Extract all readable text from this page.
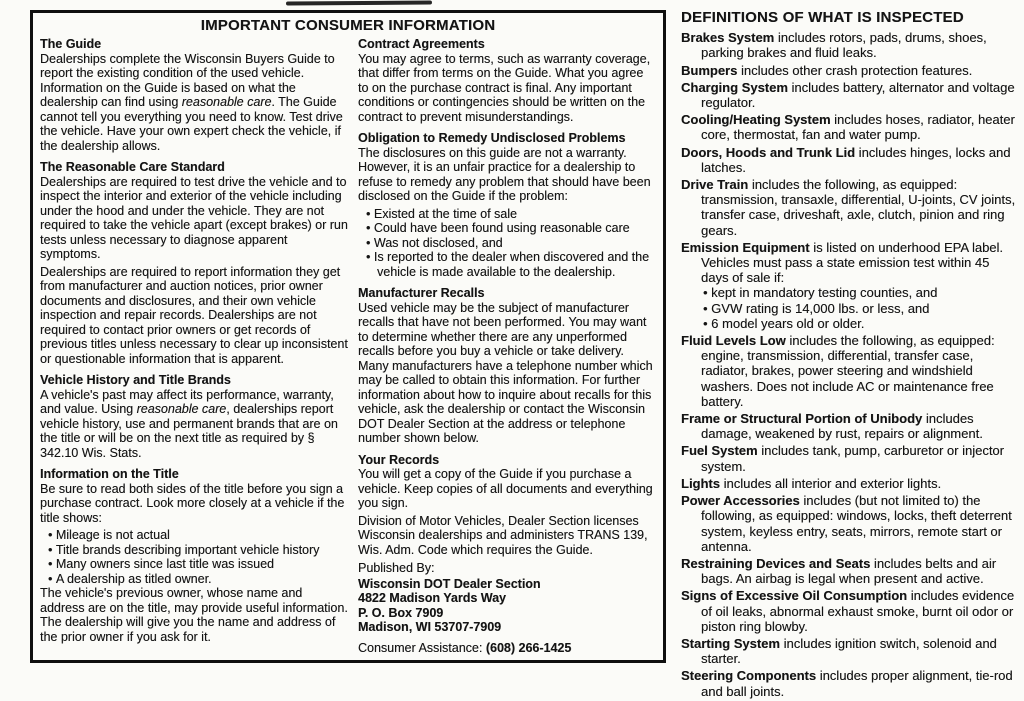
IMPORTANT CONSUMER INFORMATION
The Guide

Dealerships complete the Wisconsin Buyers Guide to report the existing condition of the used vehicle. Information on the Guide is based on what the dealership can find using reasonable care. The Guide cannot tell you everything you need to know. Test drive the vehicle. Have your own expert check the vehicle, if the dealership allows.

The Reasonable Care Standard

Dealerships are required to test drive the vehicle and to inspect the interior and exterior of the vehicle including under the hood and under the vehicle. They are not required to take the vehicle apart (except brakes) or run tests unless necessary to diagnose apparent symptoms.

Dealerships are required to report information they get from manufacturer and auction notices, prior owner documents and disclosures, and their own vehicle inspection and repair records. Dealerships are not required to contact prior owners or get records of previous titles unless necessary to clear up inconsistent or questionable information that is apparent.

Vehicle History and Title Brands

A vehicle's past may affect its performance, warranty, and value. Using reasonable care, dealerships report vehicle history, use and permanent brands that are on the title or will be on the next title as required by § 342.10 Wis. Stats.

Information on the Title

Be sure to read both sides of the title before you sign a purchase contract. Look more closely at a vehicle if the title shows:

• Mileage is not actual
• Title brands describing important vehicle history
• Many owners since last title was issued
• A dealership as titled owner.

The vehicle's previous owner, whose name and address are on the title, may provide useful information. The dealership will give you the name and address of the prior owner if you ask for it.

Contract Agreements

You may agree to terms, such as warranty coverage, that differ from terms on the Guide. What you agree to on the purchase contract is final. Any important conditions or contingencies should be written on the contract to prevent misunderstandings.

Obligation to Remedy Undisclosed Problems

The disclosures on this guide are not a warranty. However, it is an unfair practice for a dealership to refuse to remedy any problem that should have been disclosed on the Guide if the problem:

• Existed at the time of sale
• Could have been found using reasonable care
• Was not disclosed, and
• Is reported to the dealer when discovered and the vehicle is made available to the dealership.
Manufacturer Recalls

Used vehicle may be the subject of manufacturer recalls that have not been performed. You may want to determine whether there are any unperformed recalls before you buy a vehicle or take delivery. Many manufacturers have a telephone number which may be called to obtain this information. For further information about how to inquire about recalls for this vehicle, ask the dealership or contact the Wisconsin DOT Dealer Section at the address or telephone number shown below.

Your Records

You will get a copy of the Guide if you purchase a vehicle. Keep copies of all documents and everything you sign.

Division of Motor Vehicles, Dealer Section licenses Wisconsin dealerships and administers TRANS 139, Wis. Adm. Code which requires the Guide.

Published By:
Wisconsin DOT Dealer Section
4822 Madison Yards Way
P. O. Box 7909
Madison, WI 53707-7909
Consumer Assistance: (608) 266-1425
DEFINITIONS OF WHAT IS INSPECTED

Brakes System includes rotors, pads, drums, shoes, parking brakes and fluid leaks.

Bumpers includes other crash protection features.

Charging System includes battery, alternator and voltage regulator.

Cooling/Heating System includes hoses, radiator, heater core, thermostat, fan and water pump.

Doors, Hoods and Trunk Lid includes hinges, locks and latches.

Drive Train includes the following, as equipped: transmission, transaxle, differential, U-joints, CV joints, transfer case, driveshaft, axle, clutch, pinion and ring gears.

Emission Equipment is listed on underhood EPA label. Vehicles must pass a state emission test within 45 days of sale if:

• kept in mandatory testing counties, and
• GVW rating is 14,000 lbs. or less, and
• 6 model years old or older.

Fluid Levels Low includes the following, as equipped: engine, transmission, differential, transfer case, radiator, brakes, power steering and windshield washers. Does not include AC or maintenance free battery.

Frame or Structural Portion of Unibody includes damage, weakened by rust, repairs or alignment.

Fuel System includes tank, pump, carburetor or injector system.

Lights includes all interior and exterior lights.

Power Accessories includes (but not limited to) the following, as equipped: windows, locks, theft deterrent system, keyless entry, seats, mirrors, remote start or antenna.

Restraining Devices and Seats includes belts and air bags. An airbag is legal when present and active.

Signs of Excessive Oil Consumption includes evidence of oil leaks, abnormal exhaust smoke, burnt oil odor or piston ring blowby.

Starting System includes ignition switch, solenoid and starter.

Steering Components includes proper alignment, tie-rod and ball joints.
